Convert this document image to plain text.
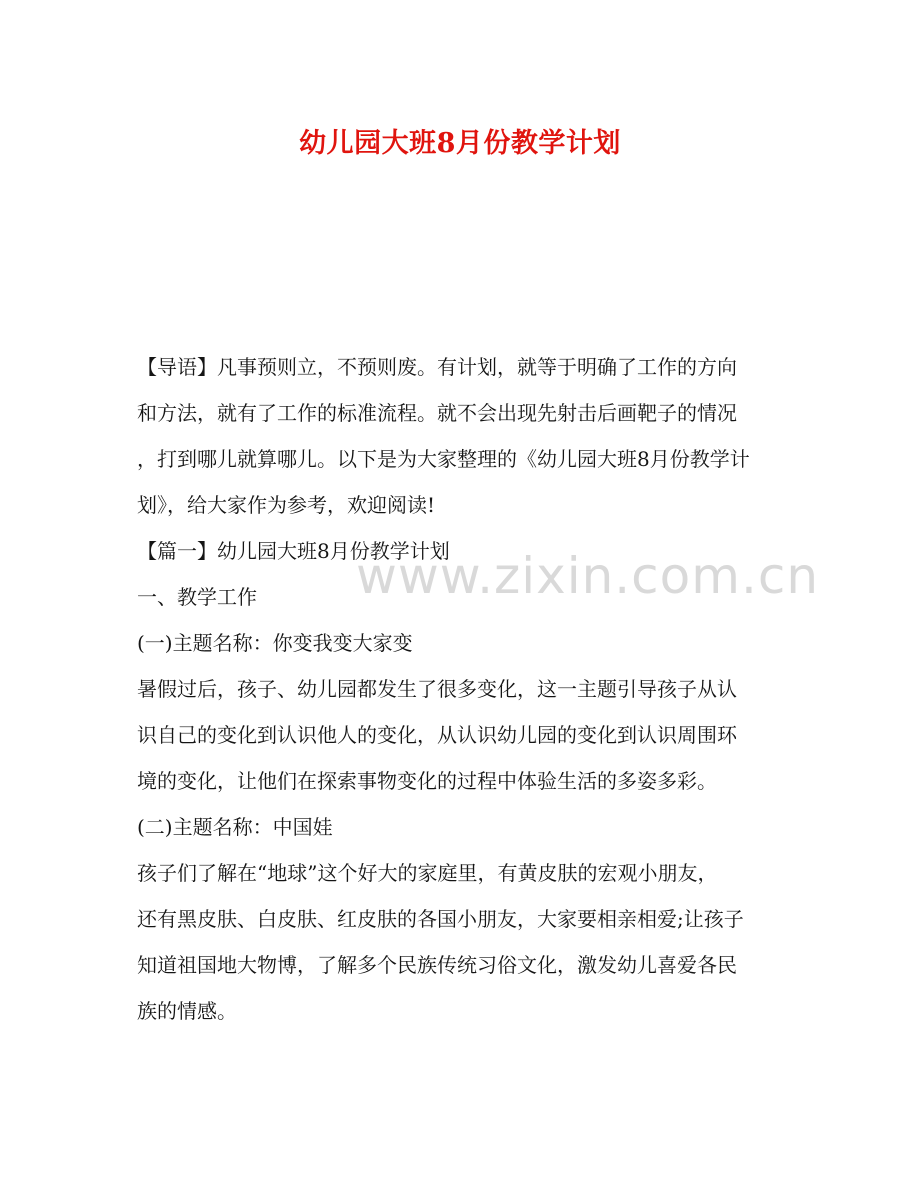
幼儿园大班8月份教学计划
www.zixin.com.cn
【导语】凡事预则立，不预则废。有计划，就等于明确了工作的方向
和方法，就有了工作的标准流程。就不会出现先射击后画靶子的情况
，打到哪儿就算哪儿。以下是为大家整理的《幼儿园大班8月份教学计
划》，给大家作为参考，欢迎阅读!
【篇一】幼儿园大班8月份教学计划
一、教学工作
(一)主题名称：你变我变大家变
暑假过后，孩子、幼儿园都发生了很多变化，这一主题引导孩子从认
识自己的变化到认识他人的变化，从认识幼儿园的变化到认识周围环
境的变化，让他们在探索事物变化的过程中体验生活的多姿多彩。
(二)主题名称：中国娃
孩子们了解在“地球”这个好大的家庭里，有黄皮肤的宏观小朋友，
还有黑皮肤、白皮肤、红皮肤的各国小朋友，大家要相亲相爱;让孩子
知道祖国地大物博，了解多个民族传统习俗文化，激发幼儿喜爱各民
族的情感。
